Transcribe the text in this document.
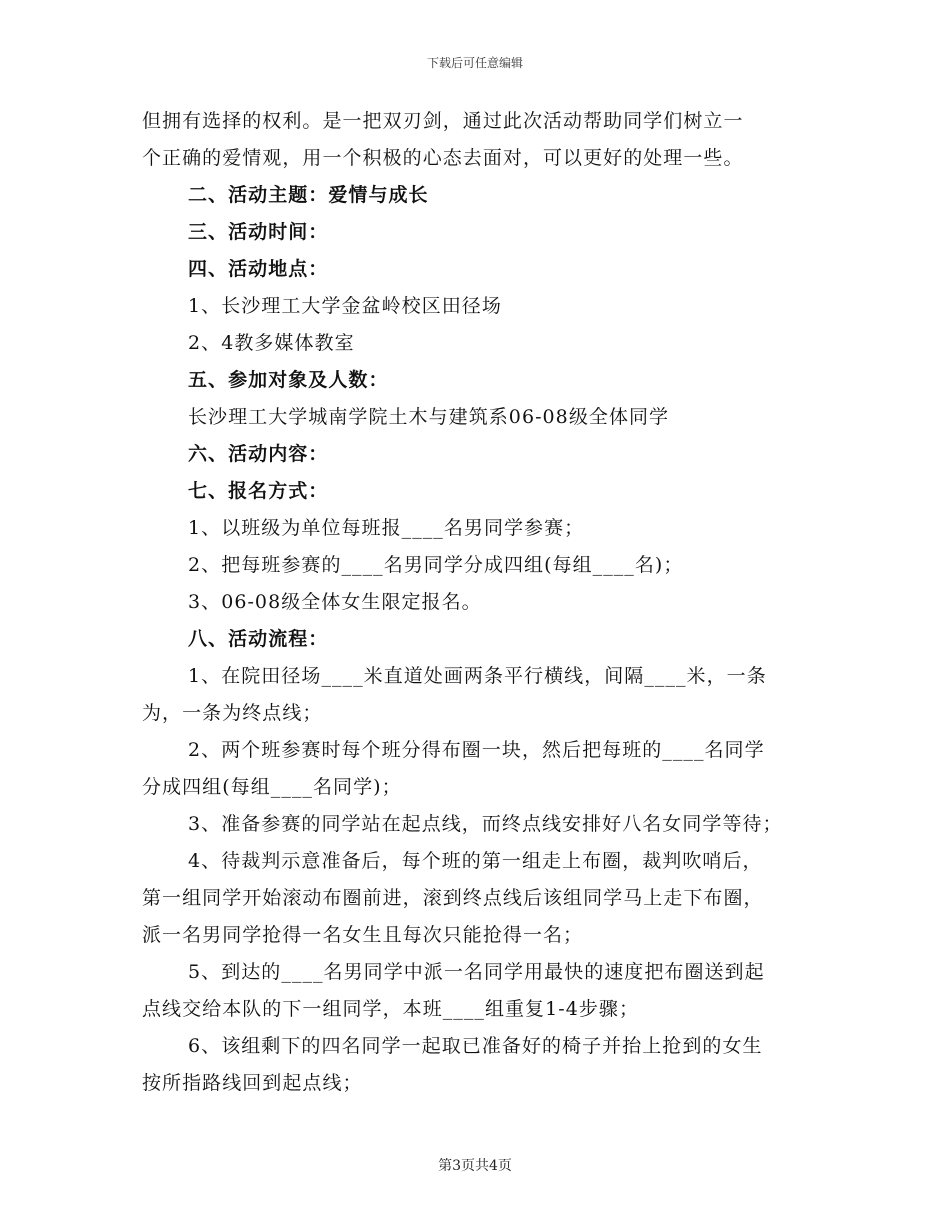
下载后可任意编辑
但拥有选择的权利。是一把双刃剑，通过此次活动帮助同学们树立一
个正确的爱情观，用一个积极的心态去面对，可以更好的处理一些。
二、活动主题：爱情与成长
三、活动时间：
四、活动地点：
1、长沙理工大学金盆岭校区田径场
2、4教多媒体教室
五、参加对象及人数：
长沙理工大学城南学院土木与建筑系06-08级全体同学
六、活动内容：
七、报名方式：
1、以班级为单位每班报____名男同学参赛；
2、把每班参赛的____名男同学分成四组(每组____名)；
3、06-08级全体女生限定报名。
八、活动流程：
1、在院田径场____米直道处画两条平行横线，间隔____米，一条
为，一条为终点线；
2、两个班参赛时每个班分得布圈一块，然后把每班的____名同学
分成四组(每组____名同学)；
3、准备参赛的同学站在起点线，而终点线安排好八名女同学等待；
4、待裁判示意准备后，每个班的第一组走上布圈，裁判吹哨后，
第一组同学开始滚动布圈前进，滚到终点线后该组同学马上走下布圈，
派一名男同学抢得一名女生且每次只能抢得一名；
5、到达的____名男同学中派一名同学用最快的速度把布圈送到起
点线交给本队的下一组同学，本班____组重复1-4步骤；
6、该组剩下的四名同学一起取已准备好的椅子并抬上抢到的女生
按所指路线回到起点线；
第3页共4页
